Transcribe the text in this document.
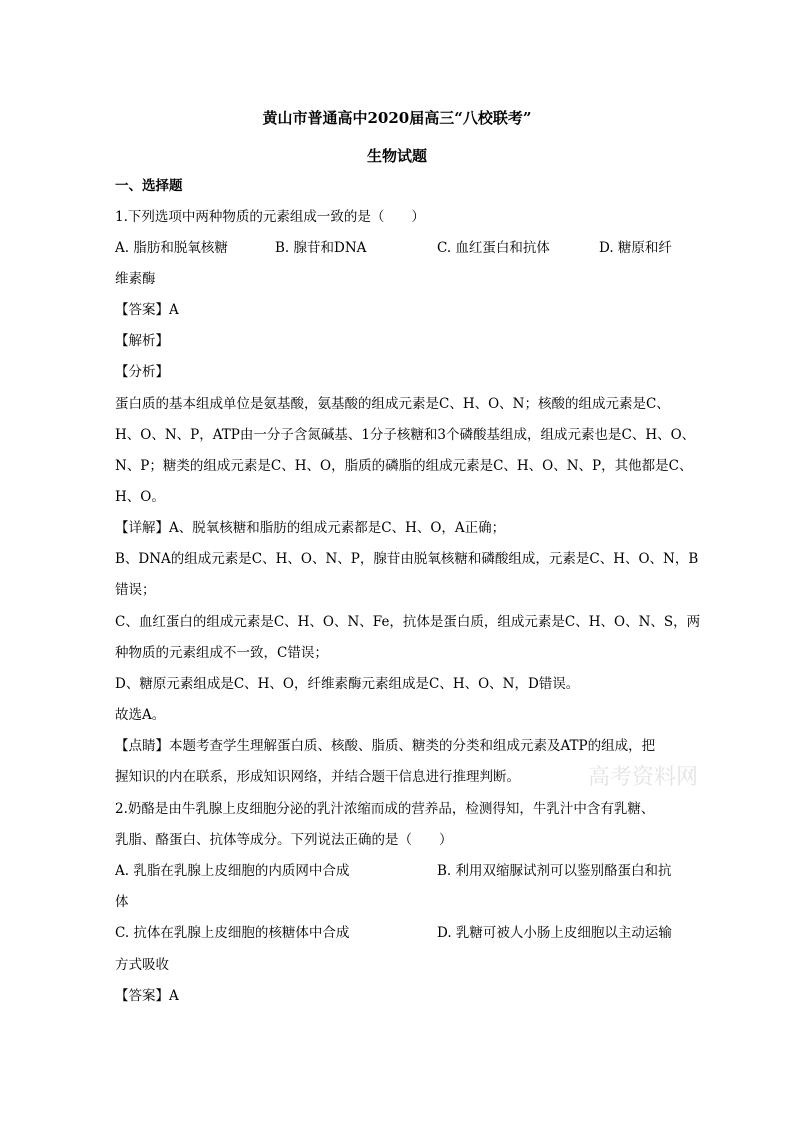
黄山市普通高中2020届高三“八校联考”
生物试题
一、选择题
1.下列选项中两种物质的元素组成一致的是（　　）
A. 脂肪和脱氧核糖	B. 腺苷和DNA	C. 血红蛋白和抗体	D. 糖原和纤
维素酶
【答案】A
【解析】
【分析】
蛋白质的基本组成单位是氨基酸，氨基酸的组成元素是C、H、O、N；核酸的组成元素是C、
H、O、N、P，ATP由一分子含氮碱基、1分子核糖和3个磷酸基组成，组成元素也是C、H、O、
N、P；糖类的组成元素是C、H、O，脂质的磷脂的组成元素是C、H、O、N、P，其他都是C、
H、O。
【详解】A、脱氧核糖和脂肪的组成元素都是C、H、O，A正确；
B、DNA的组成元素是C、H、O、N、P，腺苷由脱氧核糖和磷酸组成，元素是C、H、O、N，B
错误；
C、血红蛋白的组成元素是C、H、O、N、Fe，抗体是蛋白质，组成元素是C、H、O、N、S，两
种物质的元素组成不一致，C错误；
D、糖原元素组成是C、H、O，纤维素酶元素组成是C、H、O、N，D错误。
故选A。
【点睛】本题考查学生理解蛋白质、核酸、脂质、糖类的分类和组成元素及ATP的组成，把
握知识的内在联系，形成知识网络，并结合题干信息进行推理判断。
2.奶酪是由牛乳腺上皮细胞分泌的乳汁浓缩而成的营养品，检测得知，牛乳汁中含有乳糖、
乳脂、酪蛋白、抗体等成分。下列说法正确的是（　　）
A. 乳脂在乳腺上皮细胞的内质网中合成	B. 利用双缩脲试剂可以鉴别酪蛋白和抗
体
C. 抗体在乳腺上皮细胞的核糖体中合成	D. 乳糖可被人小肠上皮细胞以主动运输
方式吸收
【答案】A
高考资料网
